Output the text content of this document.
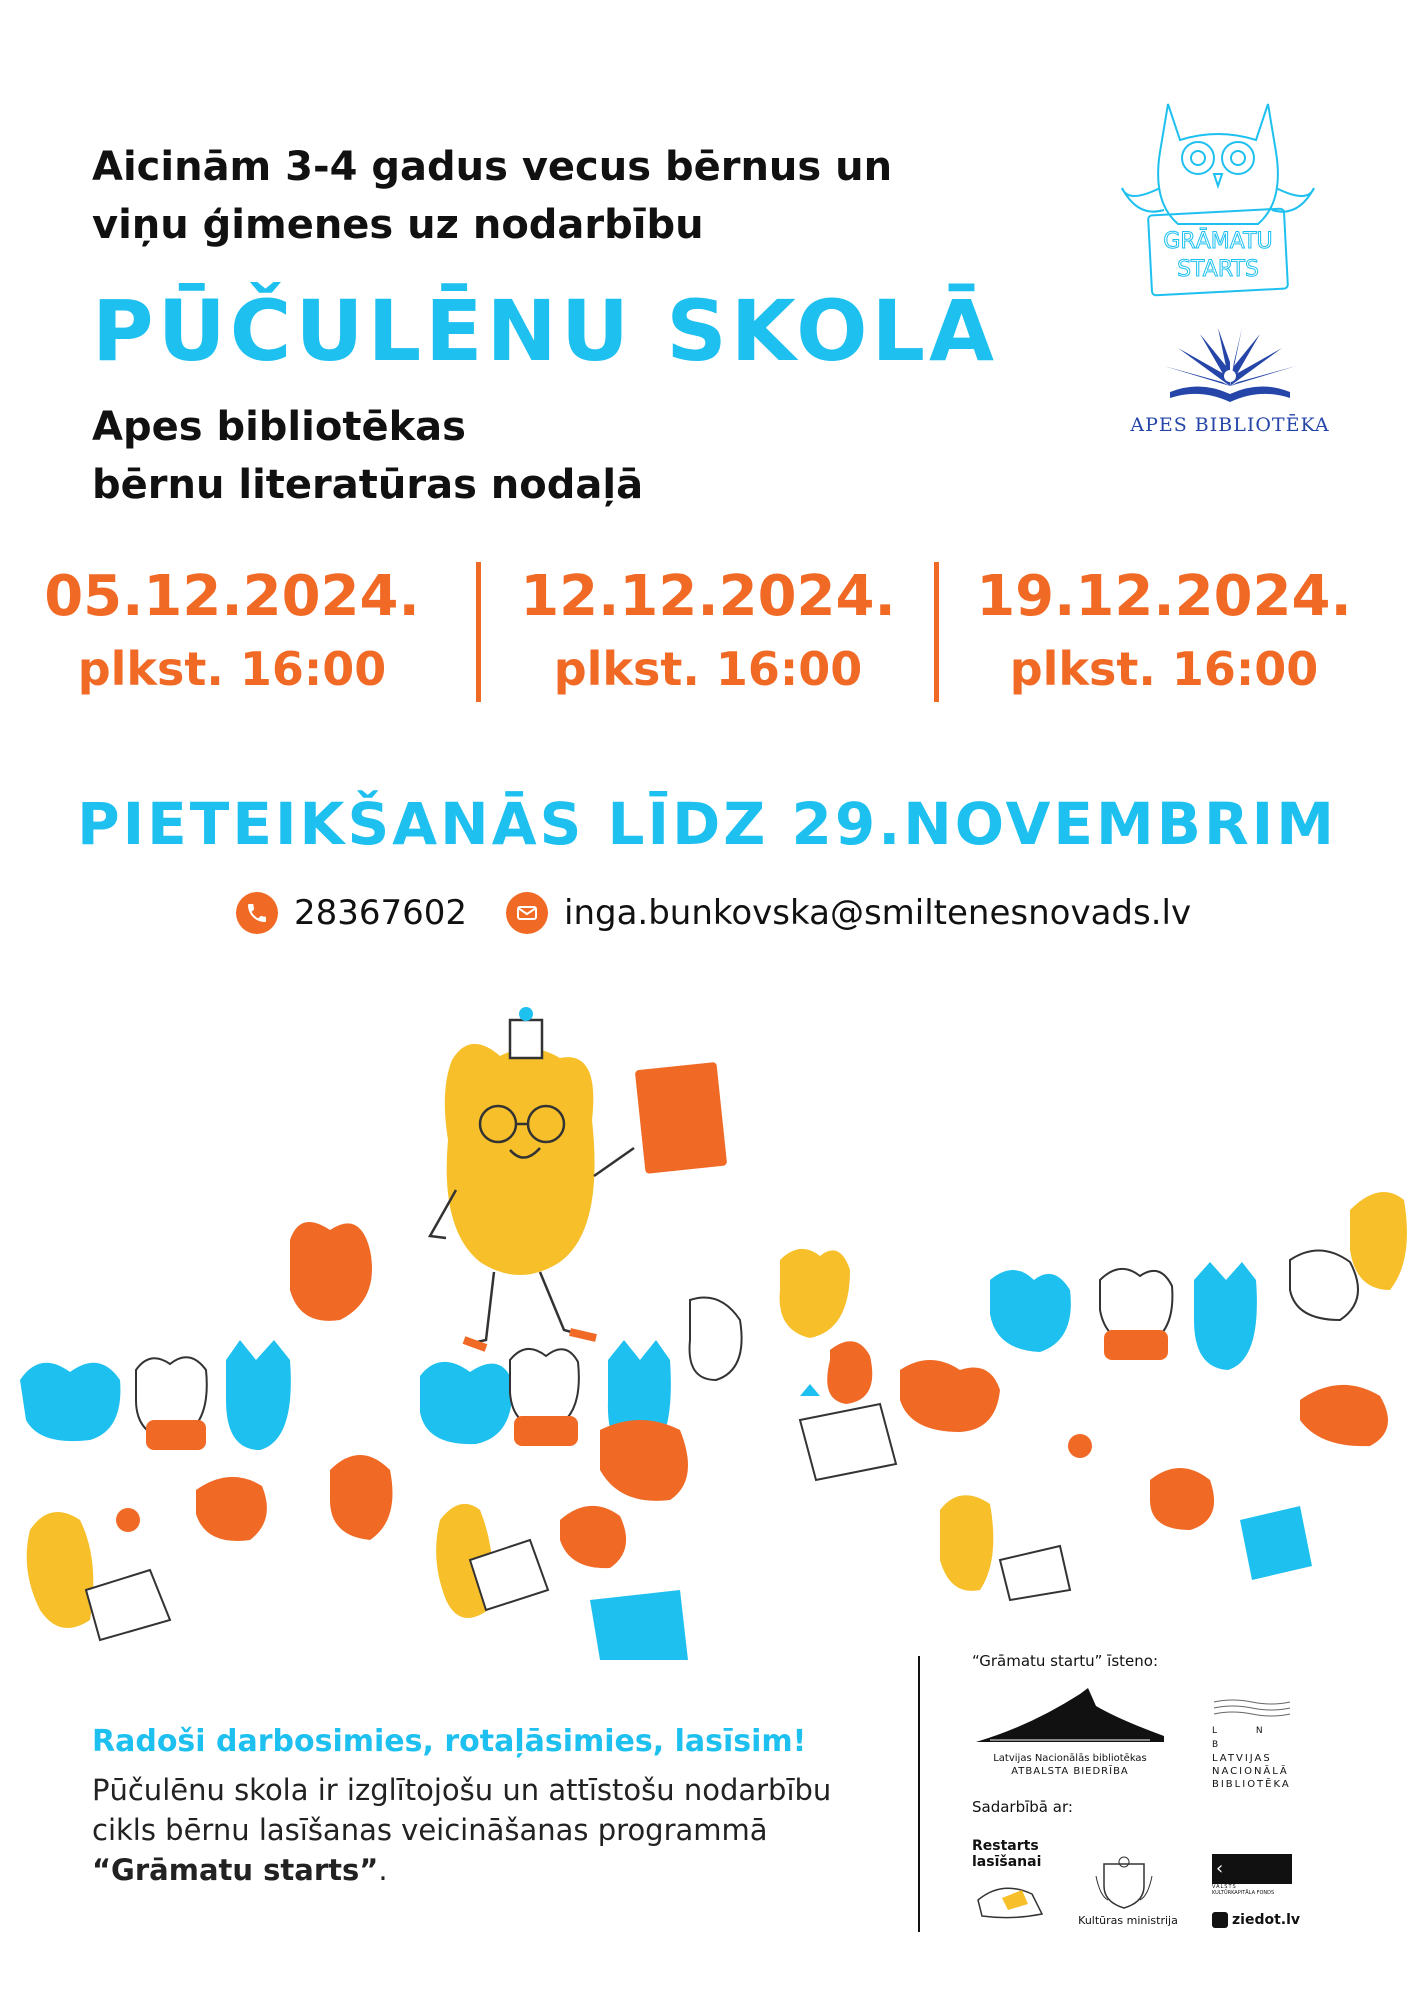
Aicinām 3-4 gadus vecus bērnus un
viņu ģimenes uz nodarbību
PŪČULĒNU SKOLĀ
Apes bibliotēkas
bērnu literatūras nodaļā
GRĀMATU
STARTS
APES BIBLIOTĒKA
05.12.2024.
plkst. 16:00
12.12.2024.
plkst. 16:00
19.12.2024.
plkst. 16:00
PIETEIKŠANĀS LĪDZ 29.NOVEMBRIM
28367602	inga.bunkovska@smiltenesnovads.lv
Radoši darbosimies, rotaļāsimies, lasīsim!
Pūčulēnu skola ir izglītojošu un attīstošu nodarbību cikls bērnu lasīšanas veicināšanas programmā “Grāmatu starts”.
“Grāmatu startu” īsteno:
Latvijas Nacionālās bibliotēkas
ATBALSTA BIEDRĪBA
L N B
LATVIJAS
NACIONĀLĀ
BIBLIOTĒKA
Sadarbībā ar:
Restarts
lasīšanai
Kultūras ministrija
‹
VALSTS
KULTŪRKAPITĀLA FONDS
ziedot.lv
